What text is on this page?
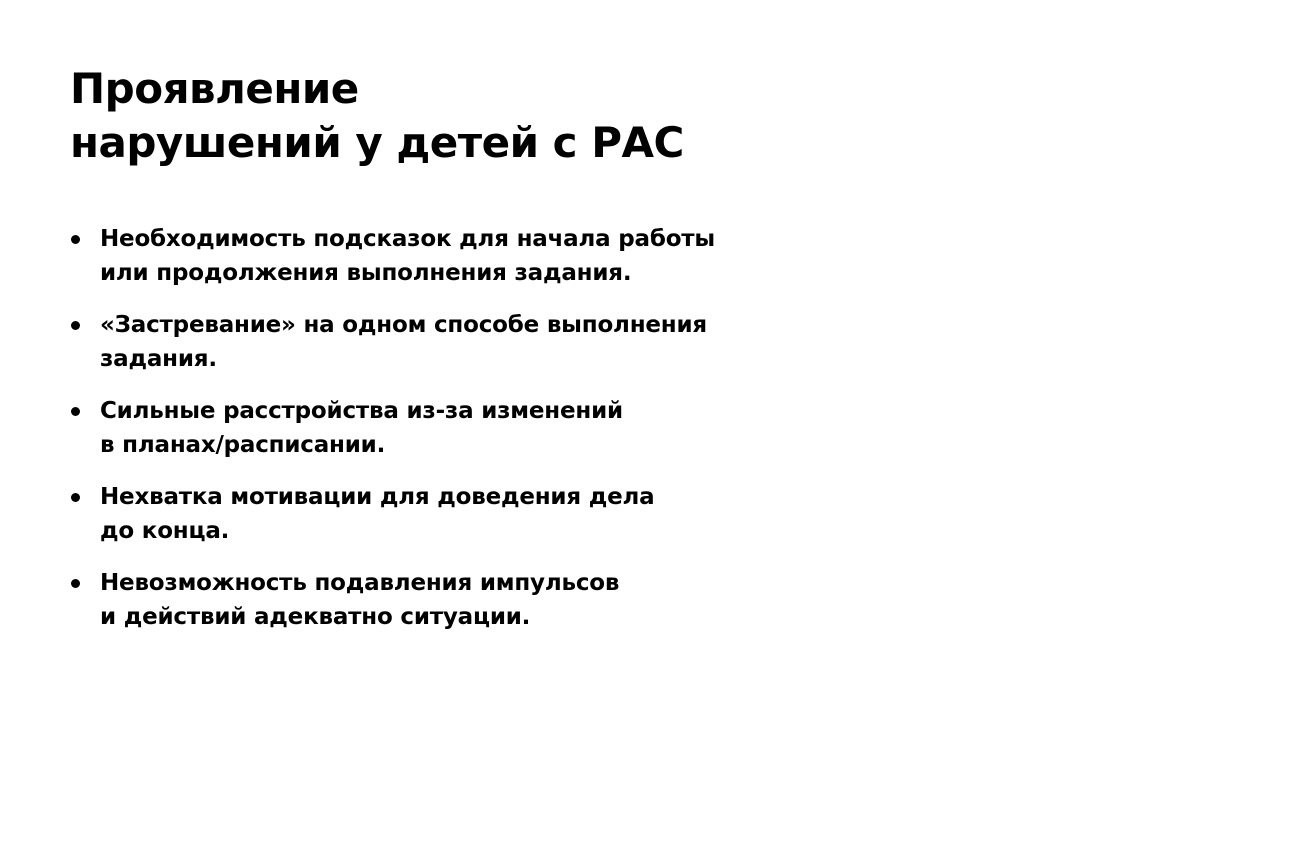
Проявление
нарушений у детей с РАС
Необходимость подсказок для начала работы
или продолжения выполнения задания.
«Застревание» на одном способе выполнения
задания.
Сильные расстройства из-за изменений
в планах/расписании.
Нехватка мотивации для доведения дела
до конца.
Невозможность подавления импульсов
и действий адекватно ситуации.
